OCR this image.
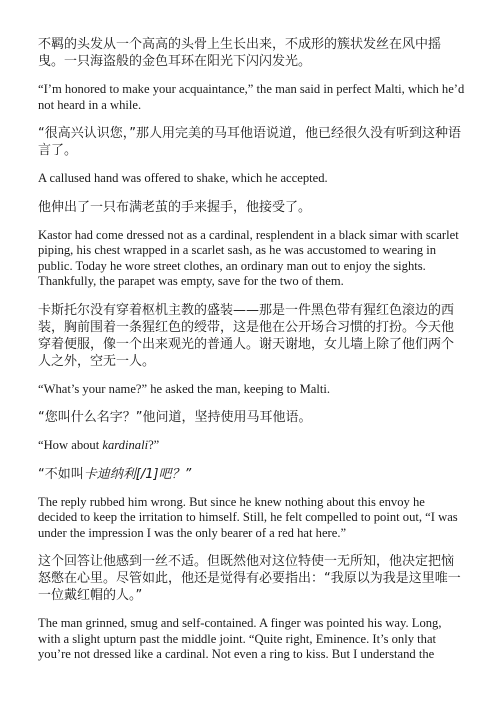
不羁的头发从一个高高的头骨上生长出来，不成形的簇状发丝在风中摇曳。一只海盗般的金色耳环在阳光下闪闪发光。

“I’m honored to make your acquaintance,” the man said in perfect Malti, which he’d not heard in a while.

“很高兴认识您，”那人用完美的马耳他语说道，他已经很久没有听到这种语言了。

A callused hand was offered to shake, which he accepted.

他伸出了一只布满老茧的手来握手，他接受了。

Kastor had come dressed not as a cardinal, resplendent in a black simar with scarlet piping, his chest wrapped in a scarlet sash, as he was accustomed to wearing in public. Today he wore street clothes, an ordinary man out to enjoy the sights. Thankfully, the parapet was empty, save for the two of them.

卡斯托尔没有穿着枢机主教的盛装——那是一件黑色带有猩红色滚边的西装，胸前围着一条猩红色的绶带，这是他在公开场合习惯的打扮。今天他穿着便服，像一个出来观光的普通人。谢天谢地，女儿墙上除了他们两个人之外，空无一人。

“What’s your name?” he asked the man, keeping to Malti.

“您叫什么名字？”他问道，坚持使用马耳他语。

“How about kardinali?”

“不如叫卡迪纳利[/1]吧？”

The reply rubbed him wrong. But since he knew nothing about this envoy he decided to keep the irritation to himself. Still, he felt compelled to point out, “I was under the impression I was the only bearer of a red hat here.”

这个回答让他感到一丝不适。但既然他对这位特使一无所知，他决定把恼怒憋在心里。尽管如此，他还是觉得有必要指出：“我原以为我是这里唯一一位戴红帽的人。”

The man grinned, smug and self-contained. A finger was pointed his way. Long, with a slight upturn past the middle joint. “Quite right, Eminence. It’s only that you’re not dressed like a cardinal. Not even a ring to kiss. But I understand the
